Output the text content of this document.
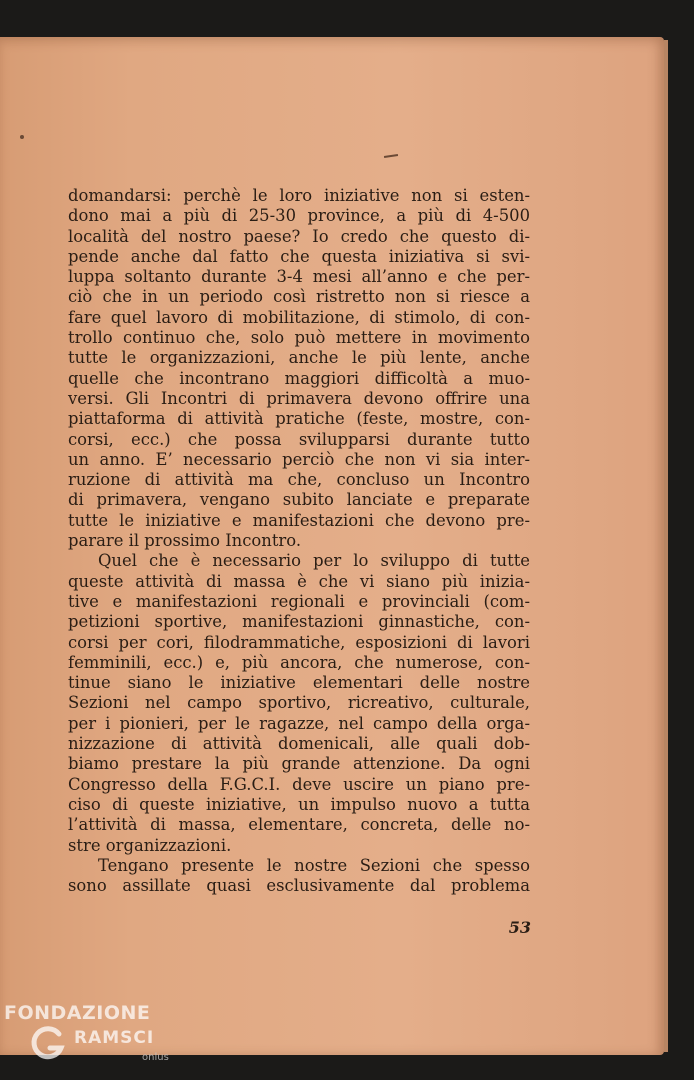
domandarsi: perchè le loro iniziative non si esten-
dono mai a più di 25-30 province, a più di 4-500
località del nostro paese? Io credo che questo di-
pende anche dal fatto che questa iniziativa si svi-
luppa soltanto durante 3-4 mesi all’anno e che per-
ciò che in un periodo così ristretto non si riesce a
fare quel lavoro di mobilitazione, di stimolo, di con-
trollo continuo che, solo può mettere in movimento
tutte le organizzazioni, anche le più lente, anche
quelle che incontrano maggiori difficoltà a muo-
versi. Gli Incontri di primavera devono offrire una
piattaforma di attività pratiche (feste, mostre, con-
corsi, ecc.) che possa svilupparsi durante tutto
un anno. E’ necessario perciò che non vi sia inter-
ruzione di attività ma che, concluso un Incontro
di primavera, vengano subito lanciate e preparate
tutte le iniziative e manifestazioni che devono pre-
parare il prossimo Incontro.
Quel che è necessario per lo sviluppo di tutte
queste attività di massa è che vi siano più inizia-
tive e manifestazioni regionali e provinciali (com-
petizioni sportive, manifestazioni ginnastiche, con-
corsi per cori, filodrammatiche, esposizioni di lavori
femminili, ecc.) e, più ancora, che numerose, con-
tinue siano le iniziative elementari delle nostre
Sezioni nel campo sportivo, ricreativo, culturale,
per i pionieri, per le ragazze, nel campo della orga-
nizzazione di attività domenicali, alle quali dob-
biamo prestare la più grande attenzione. Da ogni
Congresso della F.G.C.I. deve uscire un piano pre-
ciso di queste iniziative, un impulso nuovo a tutta
l’attività di massa, elementare, concreta, delle no-
stre organizzazioni.
Tengano presente le nostre Sezioni che spesso
sono assillate quasi esclusivamente dal problema
53
FONDAZIONE
RAMSCI
onlus
